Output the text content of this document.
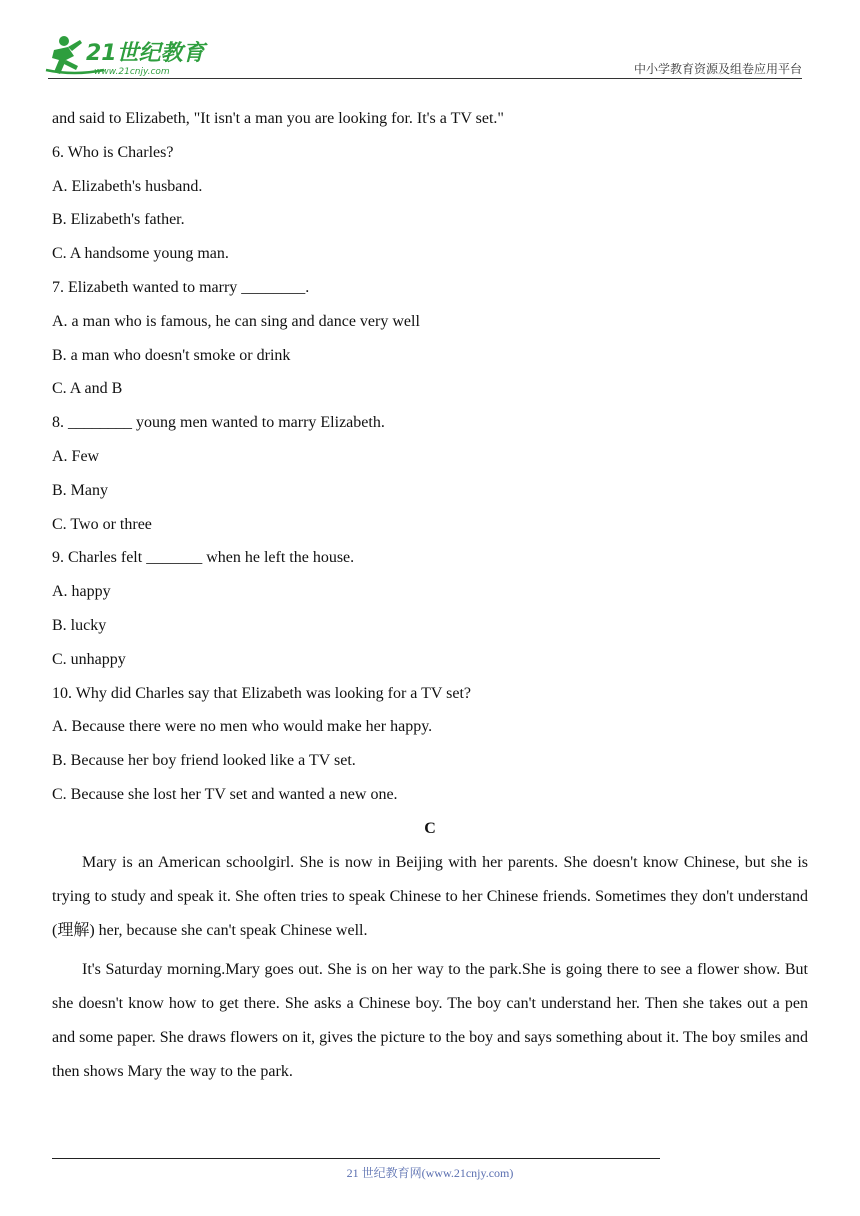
21世纪教育
www.21cnjy.com	中小学教育资源及组卷应用平台
and said to Elizabeth, "It isn't a man you are looking for. It's a TV set."
6. Who is Charles?
A. Elizabeth's husband.
B. Elizabeth's father.
C. A handsome young man.
7. Elizabeth wanted to marry ________.
A. a man who is famous, he can sing and dance very well
B. a man who doesn't smoke or drink
C. A and B
8. ________ young men wanted to marry Elizabeth.
A. Few
B. Many
C. Two or three
9. Charles felt _______ when he left the house.
A. happy
B. lucky
C. unhappy
10. Why did Charles say that Elizabeth was looking for a TV set?
A. Because there were no men who would make her happy.
B. Because her boy friend looked like a TV set.
C. Because she lost her TV set and wanted a new one.
C

Mary is an American schoolgirl. She is now in Beijing with her parents. She doesn't know Chinese, but she is trying to study and speak it. She often tries to speak Chinese to her Chinese friends. Sometimes they don't understand (理解) her, because she can't speak Chinese well.

It's Saturday morning.Mary goes out. She is on her way to the park.She is going there to see a flower show. But she doesn't know how to get there. She asks a Chinese boy. The boy can't understand her. Then she takes out a pen and some paper. She draws flowers on it, gives the picture to the boy and says something about it. The boy smiles and then shows Mary the way to the park.

21 世纪教育网(www.21cnjy.com)
